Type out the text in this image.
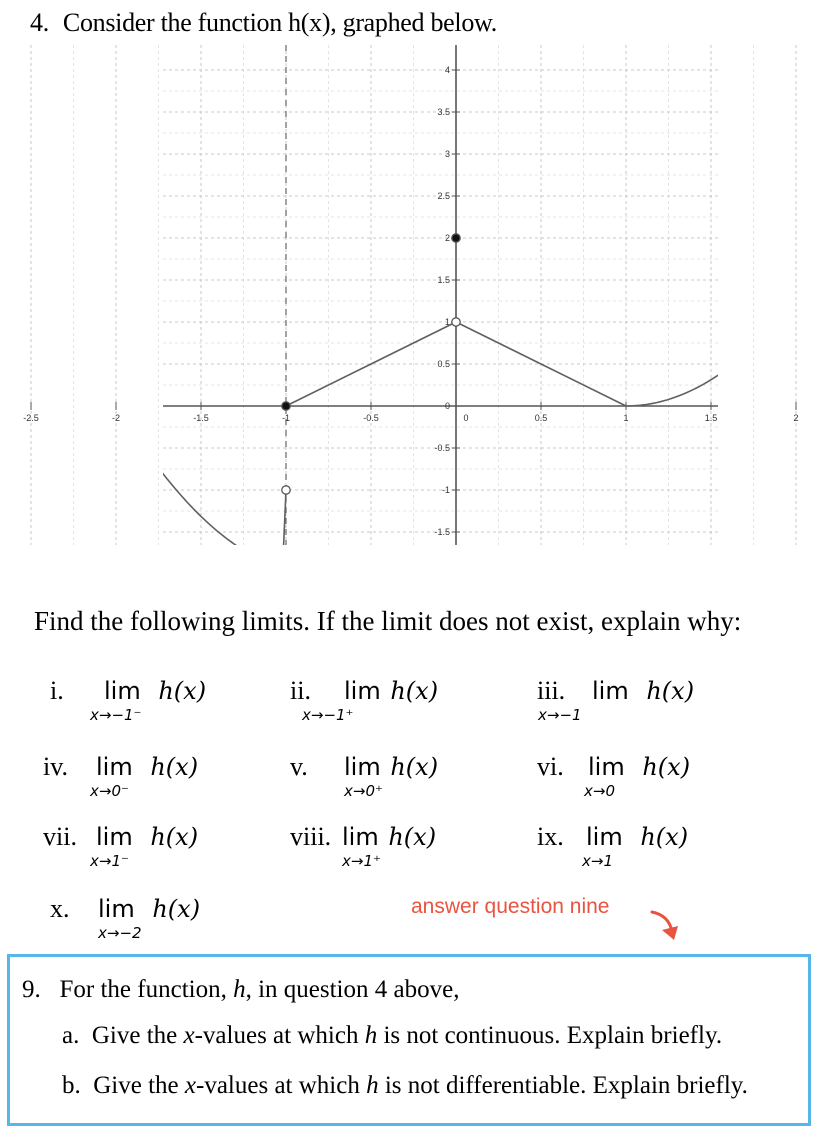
4. Consider the function h(x), graphed below.
-2.5	-2	-1.5	-1	-0.5	0	0.5	1	1.5	2
4
3.5
3
2.5
2
1.5
1
0.5
0
-0.5
-1
-1.5
Find the following limits. If the limit does not exist, explain why:
i. lim h(x)
x→−1⁻
ii. lim h(x)
x→−1⁺
iii. lim h(x)
x→−1
iv. lim h(x)
x→0⁻
v. lim h(x)
x→0⁺
vi. lim h(x)
x→0
vii. lim h(x)
x→1⁻
viii. lim h(x)
x→1⁺
ix. lim h(x)
x→1
x. lim h(x)
x→−2
answer question nine
9. For the function, h, in question 4 above,
a. Give the x-values at which h is not continuous. Explain briefly.
b. Give the x-values at which h is not differentiable. Explain briefly.
